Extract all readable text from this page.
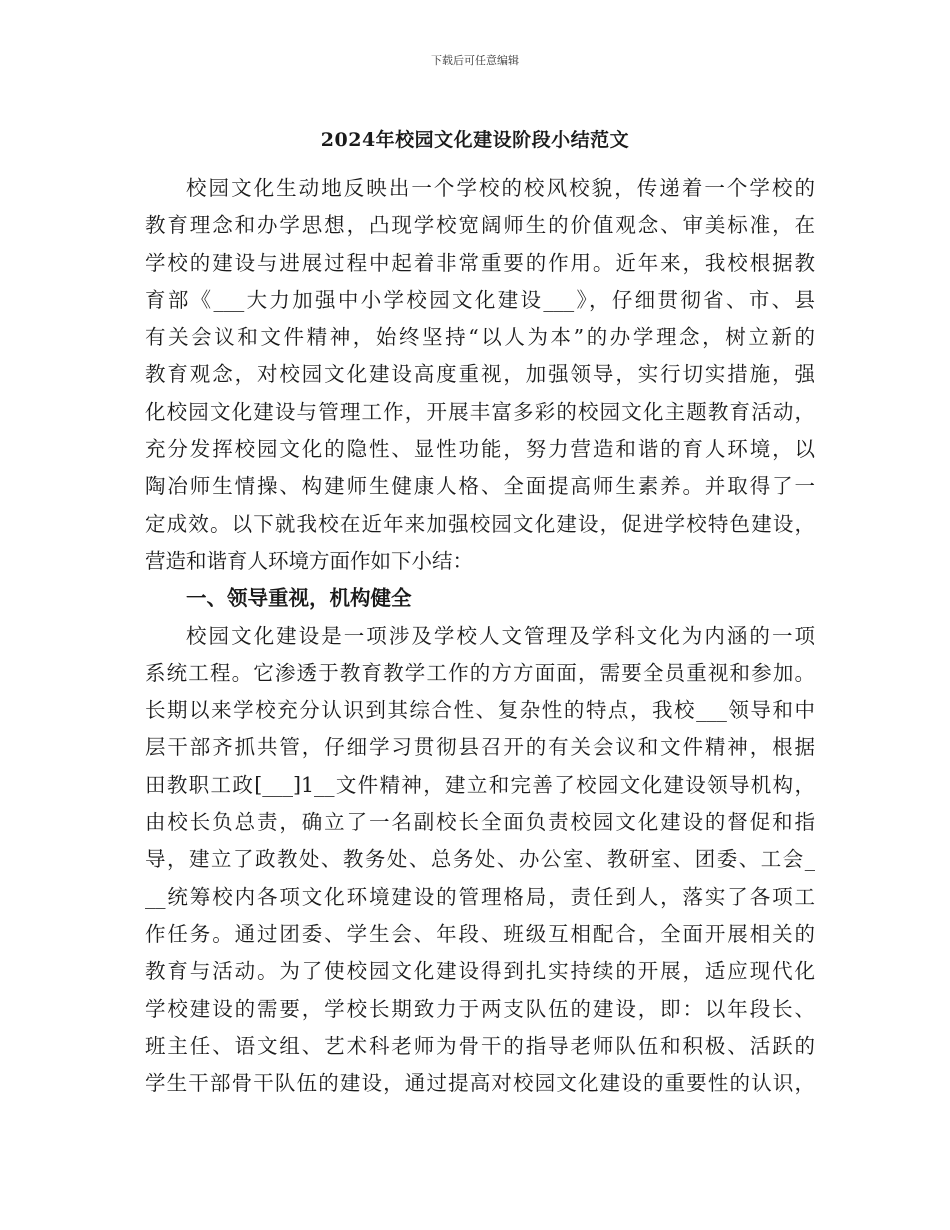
下载后可任意编辑
2024年校园文化建设阶段小结范文
校园文化生动地反映出一个学校的校风校貌，传递着一个学校的
教育理念和办学思想，凸现学校宽阔师生的价值观念、审美标准，在
学校的建设与进展过程中起着非常重要的作用。近年来，我校根据教
育部《___大力加强中小学校园文化建设___》，仔细贯彻省、市、县
有关会议和文件精神，始终坚持“以人为本”的办学理念，树立新的
教育观念，对校园文化建设高度重视，加强领导，实行切实措施，强
化校园文化建设与管理工作，开展丰富多彩的校园文化主题教育活动，
充分发挥校园文化的隐性、显性功能，努力营造和谐的育人环境，以
陶冶师生情操、构建师生健康人格、全面提高师生素养。并取得了一
定成效。以下就我校在近年来加强校园文化建设，促进学校特色建设，
营造和谐育人环境方面作如下小结：
一、领导重视，机构健全
校园文化建设是一项涉及学校人文管理及学科文化为内涵的一项
系统工程。它渗透于教育教学工作的方方面面，需要全员重视和参加。
长期以来学校充分认识到其综合性、复杂性的特点，我校___领导和中
层干部齐抓共管，仔细学习贯彻县召开的有关会议和文件精神，根据
田教职工政[___]1__文件精神，建立和完善了校园文化建设领导机构，
由校长负总责，确立了一名副校长全面负责校园文化建设的督促和指
导，建立了政教处、教务处、总务处、办公室、教研室、团委、工会_
__统筹校内各项文化环境建设的管理格局，责任到人，落实了各项工
作任务。通过团委、学生会、年段、班级互相配合，全面开展相关的
教育与活动。为了使校园文化建设得到扎实持续的开展，适应现代化
学校建设的需要，学校长期致力于两支队伍的建设，即：以年段长、
班主任、语文组、艺术科老师为骨干的指导老师队伍和积极、活跃的
学生干部骨干队伍的建设，通过提高对校园文化建设的重要性的认识，
